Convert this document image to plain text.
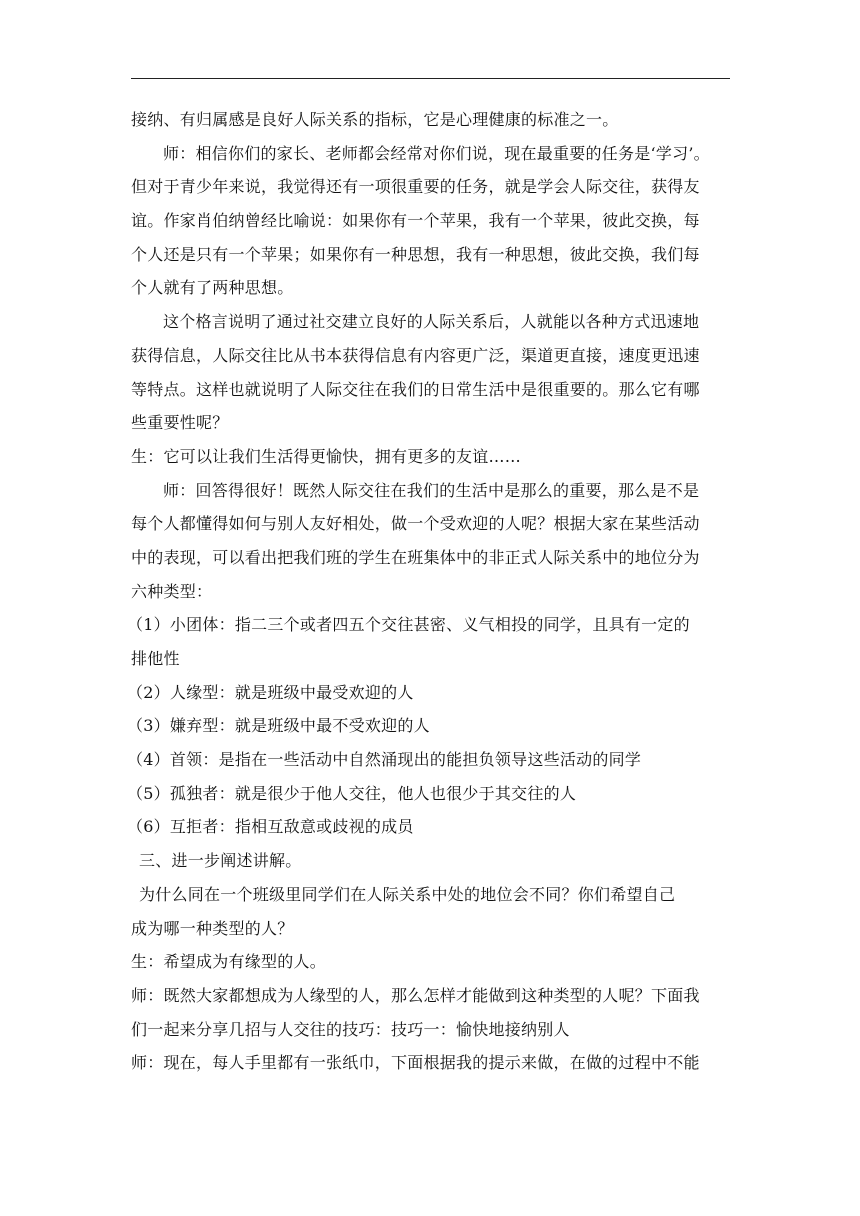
接纳、有归属感是良好人际关系的指标，它是心理健康的标准之一。
师：相信你们的家长、老师都会经常对你们说，现在最重要的任务是‘学习’。
但对于青少年来说，我觉得还有一项很重要的任务，就是学会人际交往，获得友
谊。作家肖伯纳曾经比喻说：如果你有一个苹果，我有一个苹果，彼此交换，每
个人还是只有一个苹果；如果你有一种思想，我有一种思想，彼此交换，我们每
个人就有了两种思想。
这个格言说明了通过社交建立良好的人际关系后，人就能以各种方式迅速地
获得信息，人际交往比从书本获得信息有内容更广泛，渠道更直接，速度更迅速
等特点。这样也就说明了人际交往在我们的日常生活中是很重要的。那么它有哪
些重要性呢？
生：它可以让我们生活得更愉快，拥有更多的友谊……
师：回答得很好！既然人际交往在我们的生活中是那么的重要，那么是不是
每个人都懂得如何与别人友好相处，做一个受欢迎的人呢？根据大家在某些活动
中的表现，可以看出把我们班的学生在班集体中的非正式人际关系中的地位分为
六种类型：
（1）小团体：指二三个或者四五个交往甚密、义气相投的同学，且具有一定的
排他性
（2）人缘型：就是班级中最受欢迎的人
（3）嫌弃型：就是班级中最不受欢迎的人
（4）首领：是指在一些活动中自然涌现出的能担负领导这些活动的同学
（5）孤独者：就是很少于他人交往，他人也很少于其交往的人
（6）互拒者：指相互敌意或歧视的成员
三、进一步阐述讲解。
为什么同在一个班级里同学们在人际关系中处的地位会不同？你们希望自己
成为哪一种类型的人？
生：希望成为有缘型的人。
师：既然大家都想成为人缘型的人，那么怎样才能做到这种类型的人呢？下面我
们一起来分享几招与人交往的技巧：技巧一：愉快地接纳别人
师：现在，每人手里都有一张纸巾，下面根据我的提示来做，在做的过程中不能
